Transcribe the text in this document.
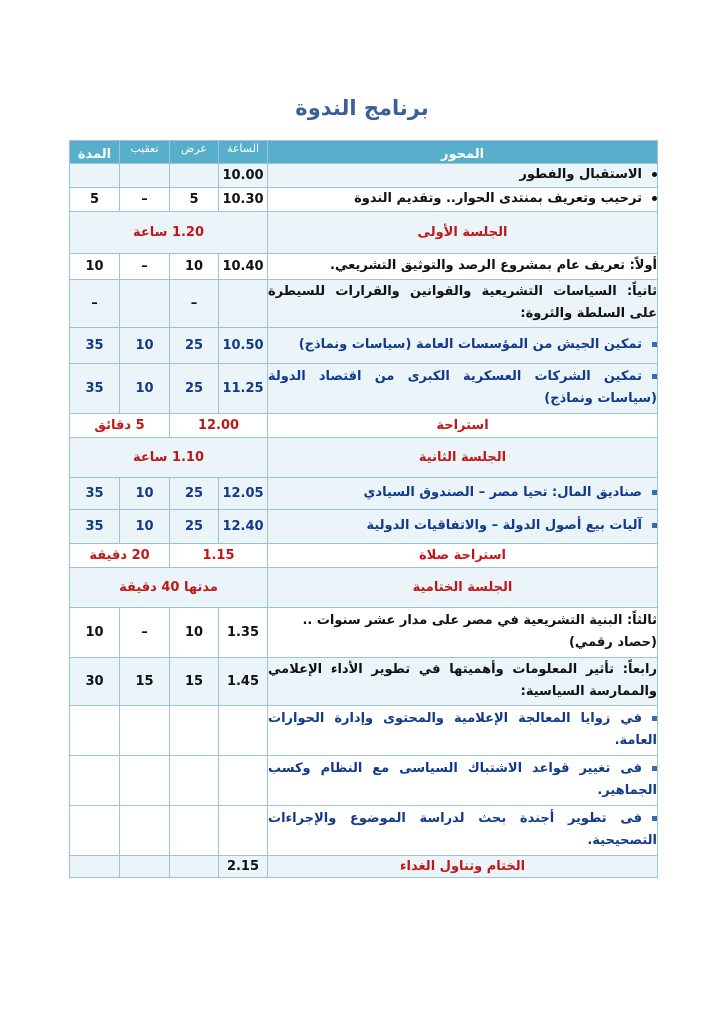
برنامج الندوة
المدة	تعقيب	عرض	الساعة	المحور
			10.00	الاستقبال والفطور
5	–	5	10.30	ترحيب وتعريف بمنتدى الحوار.. وتقديم الندوة
1.20 ساعة				الجلسة الأولى
10	–	10	10.40	أولاً: تعريف عام بمشروع الرصد والتوثيق التشريعي.
–		–		ثانياً: السياسات التشريعية والقوانين والقرارات للسيطرة على السلطة والثروة:
35	10	25	10.50	تمكين الجيش من المؤسسات العامة (سياسات ونماذج)
35	10	25	11.25	تمكين الشركات العسكرية الكبرى من اقتصاد الدولة (سياسات ونماذج)
5 دقائق		12.00		استراحة
1.10 ساعة				الجلسة الثانية
35	10	25	12.05	صناديق المال: تحيا مصر – الصندوق السيادي
35	10	25	12.40	آليات بيع أصول الدولة – والاتفاقيات الدولية
20 دقيقة		1.15		استراحة صلاة
مدتها 40 دقيقة				الجلسة الختامية
10	–	10	1.35	ثالثاً: البنية التشريعية في مصر على مدار عشر سنوات .. (حصاد رقمي)
30	15	15	1.45	رابعاً: تأثير المعلومات وأهميتها في تطوير الأداء الإعلامي والممارسة السياسية:
				في زوايا المعالجة الإعلامية والمحتوى وإدارة الحوارات العامة.
				فى تغيير قواعد الاشتباك السياسى مع النظام وكسب الجماهير.
				فى تطوير أجندة بحث لدراسة الموضوع والإجراءات التصحيحية.
			2.15	الختام وتناول الغداء
